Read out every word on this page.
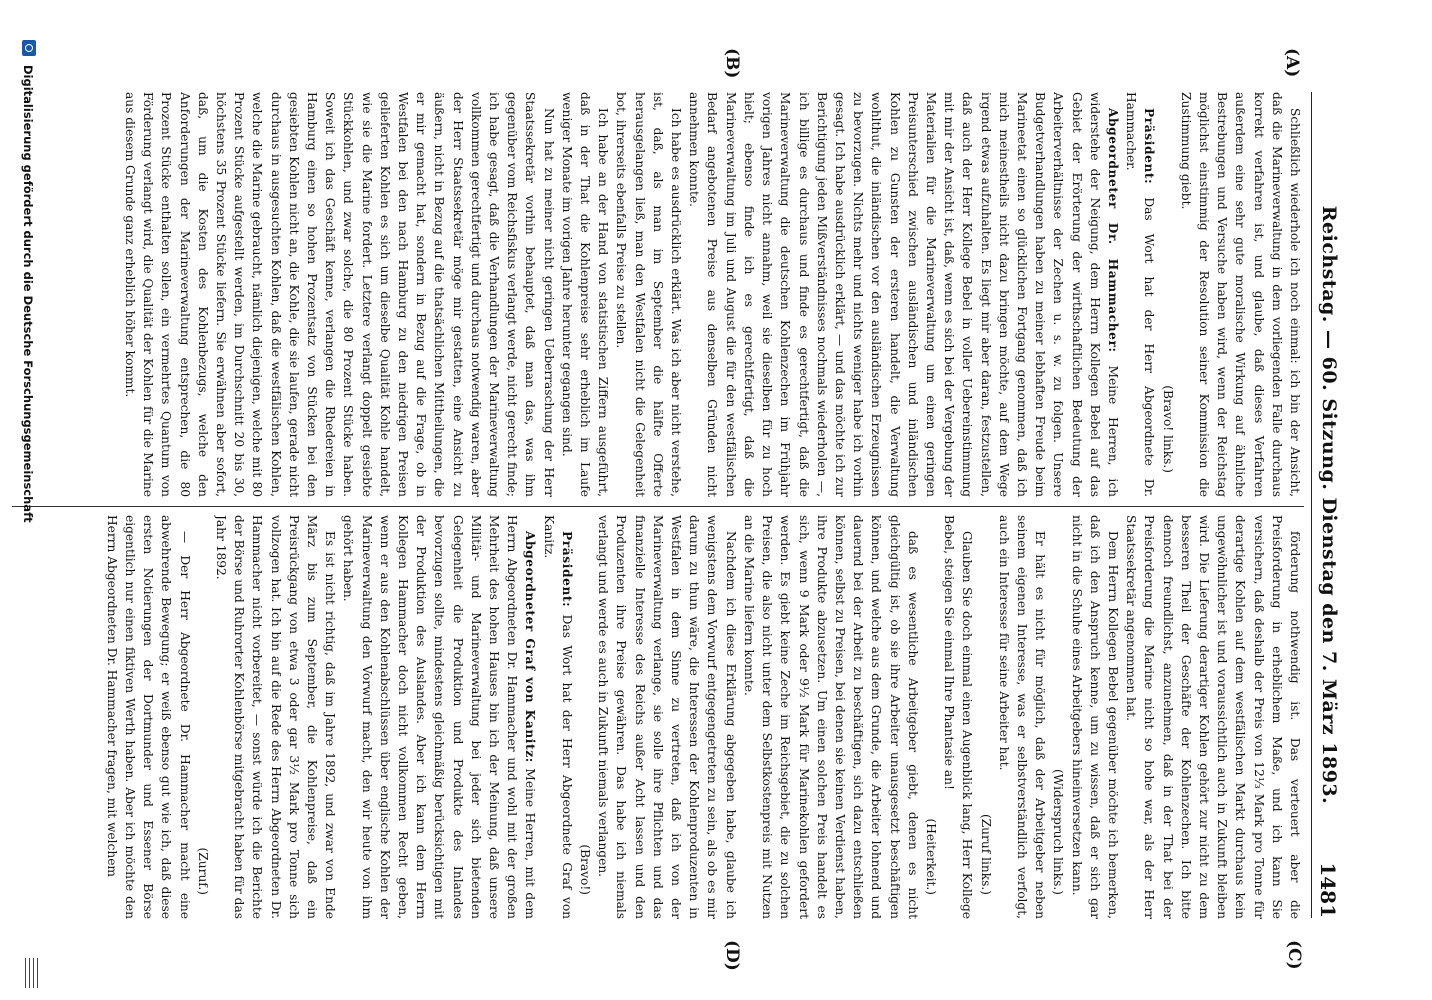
Reichstag. — 60. Sitzung. Dienstag den 7. März 1893.
1481
(A)
(B)
(C)
(D)

Schließlich wiederhole ich noch einmal: ich bin der Ansicht, daß die Marineverwaltung in dem vorliegenden Falle durchaus korrekt verfahren ist, und glaube, daß dieses Verfahren außerdem eine sehr gute moralische Wirkung auf ähnliche Bestrebungen und Versuche haben wird, wenn der Reichstag möglichst einstimmig der Resolution seiner Kommission die Zustimmung giebt.

(Bravo! links.)

Präsident: Das Wort hat der Herr Abgeordnete Dr. Hammacher.

Abgeordneter Dr. Hammacher: Meine Herren, ich widerstehe der Neigung, dem Herrn Kollegen Bebel auf das Gebiet der Erörterung der wirthschaftlichen Bedeutung der Arbeiterverhältnisse der Zechen u. s. w. zu folgen. Unsere Budgetverhandlungen haben zu meiner lebhaften Freude beim Marineetat einen so glücklichen Fortgang genommen, daß ich mich meinestheils nicht dazu bringen möchte, auf dem Wege irgend etwas aufzuhalten. Es liegt mir aber daran, festzustellen, daß auch der Herr Kollege Bebel in voller Uebereinstimmung mit mir der Ansicht ist, daß, wenn es sich bei der Vergebung der Materialien für die Marineverwaltung um einen geringen Preisunterschied zwischen ausländischen und inländischen Kohlen zu Gunsten der ersteren handelt, die Verwaltung wohlthut, die inländischen vor den ausländischen Erzeugnissen zu bevorzugen. Nichts mehr und nichts weniger habe ich vorhin gesagt. Ich habe ausdrücklich erklärt, — und das möchte ich zur Berichtigung jeden Mißverständnisses nochmals wiederholen —, ich billige es durchaus und finde es gerechtfertigt, daß die Marineverwaltung die deutschen Kohlenzechen im Frühjahr vorigen Jahres nicht annahm, weil sie dieselben für zu hoch hielt; ebenso finde ich es gerechtfertigt, daß die Marineverwaltung im Juli und August die für den westfälischen Bedarf angebotenen Preise aus denselben Gründen nicht annehmen konnte.

Ich habe es ausdrücklich erklärt. Was ich aber nicht verstehe, ist, daß, als man im September die hälfte Offerte herausgelangen ließ, man den Westfalen nicht die Gelegenheit bot, ihrerseits ebenfalls Preise zu stellen.

Ich habe an der Hand von statistischen Ziffern ausgeführt, daß in der That die Kohlenpreise sehr erheblich im Laufe weniger Monate im vorigen Jahre herunter gegangen sind.

Nun hat zu meiner nicht geringen Ueberraschung der Herr Staatssekretär vorhin behauptet, daß man das, was ihm gegenüber vom Reichsfiskus verlangt werde, nicht gerecht finde; ich habe gesagt, daß die Verhandlungen der Marineverwaltung vollkommen gerechtfertigt und durchaus notwendig waren, aber der Herr Staatssekretär möge mir gestatten, eine Ansicht zu äußern, nicht in Bezug auf die thatsächlichen Mittheilungen, die er mir gemacht hat, sondern in Bezug auf die Frage, ob in Westfalen bei den nach Hamburg zu den niedrigen Preisen gelieferten Kohlen es sich um dieselbe Qualität Kohle handelt, wie sie die Marine fordert. Letztere verlangt doppelt gesiebte Stückkohlen, und zwar solche, die 80 Prozent Stücke haben. Soweit ich das Geschäft kenne, verlangen die Rhedereien in Hamburg einen so hohen Prozentsatz von Stücken bei den gesiebten Kohlen nicht an, die Kohle, die sie laufen, gerade nicht durchaus in ausgesuchten Kohlen, daß die westfälischen Kohlen, welche die Marine gebraucht, nämlich diejenigen, welche mit 80 Prozent Stücke aufgestellt werden, im Durchschnitt 20 bis 30, höchstens 35 Prozent Stücke liefern. Sie erwähnen aber sofort, daß, um die Kosten des Kohlenbezugs, welche den Anforderungen der Marineverwaltung entsprechen, die 80 Prozent Stücke enthalten sollen, ein vermehrtes Quantum von Förderung verlangt wird, die Qualität der Kohlen für die Marine aus diesem Grunde ganz erheblich höher kommt.

förderung nothwendig ist. Das verteuert aber die Preisforderung in erheblichem Maße, und ich kann Sie versichern, daß deshalb der Preis von 12⅓ Mark pro Tonne für derartige Kohlen auf dem westfälischen Markt durchaus kein ungewöhnlicher ist und voraussichtlich auch in Zukunft bleiben wird. Die Lieferung derartiger Kohlen gehört zur nicht zu dem besseren Theil der Geschäfte der Kohlenzechen. Ich bitte dennoch freundlichst, anzunehmen, daß in der That bei der Preisforderung die Marine nicht so hohe war, als der Herr Staatssekretär angenommen hat.

Dem Herrn Kollegen Bebel gegenüber möchte ich bemerken, daß ich den Anspruch kenne, um zu wissen, daß er sich gar nicht in die Schuhe eines Arbeitgebers hineinversetzen kann.

(Widerspruch links.)

Er hält es nicht für möglich, daß der Arbeitgeber neben seinem eigenen Interesse, was er selbstverständlich verfolgt, auch ein Interesse für seine Arbeiter hat.

(Zuruf links.)

Glauben Sie doch einmal einen Augenblick lang, Herr Kollege Bebel, steigen Sie einmal Ihre Phantasie an!

(Heiterkeit.)

daß es wesentliche Arbeitgeber giebt, denen es nicht gleichgültig ist, ob sie ihre Arbeiter unausgesetzt beschäftigen können, und welche aus dem Grunde, die Arbeiter lohnend und dauernd bei der Arbeit zu beschäftigen, sich dazu entschließen können, selbst zu Preisen, bei denen sie keinen Verdienst haben, ihre Produkte abzusetzen. Um einen solchen Preis handelt es sich, wenn 9 Mark oder 9½ Mark für Marinekohlen gefordert werden. Es giebt keine Zeche im Reichsgebiet, die zu solchen Preisen, die also nicht unter dem Selbstkostenpreis mit Nutzen an die Marine liefern konnte.

Nachdem ich diese Erklärung abgegeben habe, glaube ich wenigstens dem Vorwurf entgegengetreten zu sein, als ob es mir darum zu thun wäre, die Interessen der Kohlenproduzenten in Westfalen in dem Sinne zu vertreten, daß ich von der Marineverwaltung verlange, sie solle ihre Pflichten und das finanzielle Interesse des Reichs außer Acht lassen und den Produzenten ihre Preise gewähren. Das habe ich niemals verlangt und werde es auch in Zukunft niemals verlangen.

(Bravo!)

Präsident: Das Wort hat der Herr Abgeordnete Graf von Kanitz.

Abgeordneter Graf von Kanitz: Meine Herren, mit dem Herrn Abgeordneten Dr. Hammacher und wohl mit der großen Mehrheit des hohen Hauses bin ich der Meinung, daß unsere Militär- und Marineverwaltung bei jeder sich bietenden Gelegenheit die Produktion und Produkte des Inlandes bevorzugen sollte, mindestens gleichmäßig berücksichtigen mit der Produktion des Auslandes. Aber ich kann dem Herrn Kollegen Hammacher doch nicht vollkommen Recht geben, wenn er aus den Kohlenabschlüssen über englische Kohlen der Marineverwaltung den Vorwurf macht, den wir heute von ihm gehört haben.

Es ist nicht richtig, daß im Jahre 1892, und zwar von Ende März bis zum September, die Kohlenpreise, daß ein Preisrückgang von etwa 3 oder gar 3½ Mark pro Tonne sich vollzogen hat. Ich bin auf die Rede des Herrn Abgeordneten Dr. Hammacher nicht vorbereitet, — sonst würde ich die Berichte der Börse und Ruhrorter Kohlenbörse mitgebracht haben für das Jahr 1892.

(Zuruf.)

— Der Herr Abgeordnete Dr. Hammacher macht eine abwehrende Bewegung; er weiß ebenso gut wie ich, daß diese ersten Notierungen der Dortmunder und Essener Börse eigentlich nur einen fiktiven Werth haben. Aber ich möchte den Herrn Abgeordneten Dr. Hammacher fragen, mit welchem

Digitalisierung gefördert durch die Deutsche Forschungsgemeinschaft
